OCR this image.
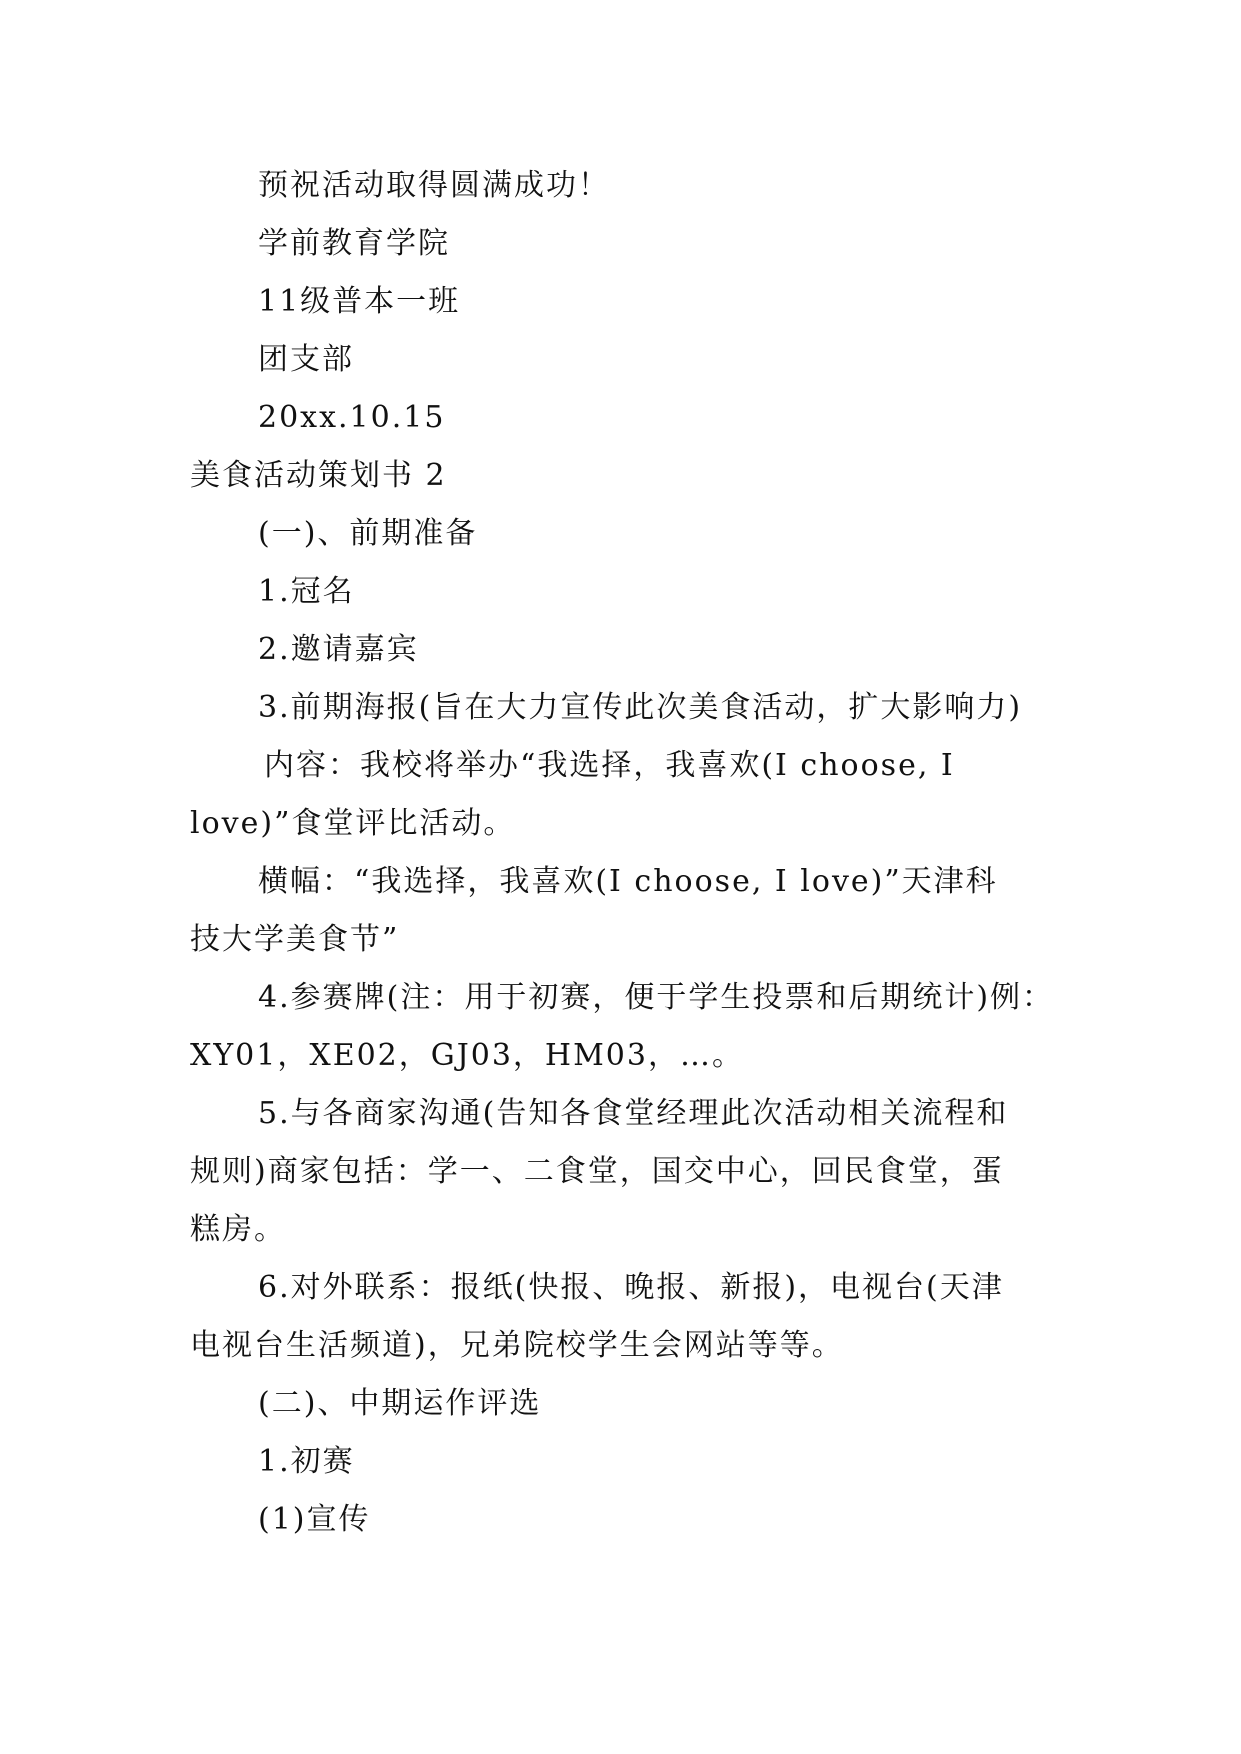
预祝活动取得圆满成功！
学前教育学院
11级普本一班
团支部
20xx.10.15
美食活动策划书 2
(一)、前期准备
1.冠名
2.邀请嘉宾
3.前期海报(旨在大力宣传此次美食活动，扩大影响力)
内容：我校将举办“我选择，我喜欢(I choose, I
love)”食堂评比活动。
横幅：“我选择，我喜欢(I choose, I love)”天津科
技大学美食节”
4.参赛牌(注：用于初赛，便于学生投票和后期统计)例：
XY01，XE02，GJ03，HM03，…。
5.与各商家沟通(告知各食堂经理此次活动相关流程和
规则)商家包括：学一、二食堂，国交中心，回民食堂，蛋
糕房。
6.对外联系：报纸(快报、晚报、新报)，电视台(天津
电视台生活频道)，兄弟院校学生会网站等等。
(二)、中期运作评选
1.初赛
(1)宣传
